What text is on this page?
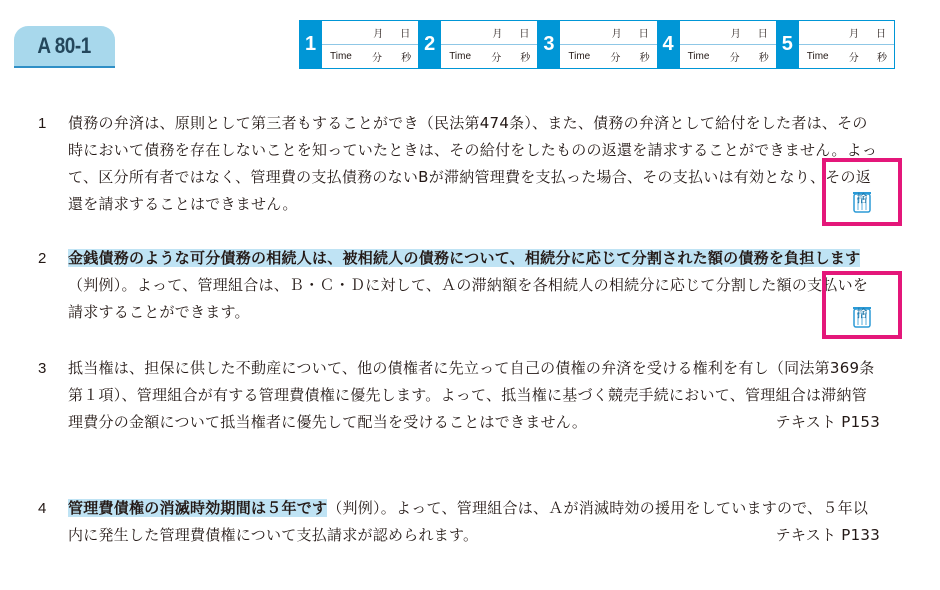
A 80-1	1	月 日
Time 分 秒
2	月 日
Time 分 秒
3	月 日
Time 分 秒
4	月 日
Time 分 秒
5	月 日
Time 分 秒
1 債務の弁済は、原則として第三者もすることができ（民法第474条）、また、債務の弁済として給付をした者は、その時において債務を存在しないことを知っていたときは、その給付をしたものの返還を請求することができません。よって、区分所有者ではなく、管理費の支払債務のないBが滞納管理費を支払った場合、その支払いは有効となり、その返還を請求することはできません。	捨
2 金銭債務のような可分債務の相続人は、被相続人の債務について、相続分に応じて分割された額の債務を負担します（判例）。よって、管理組合は、Ｂ・Ｃ・Ｄに対して、Ａの滞納額を各相続人の相続分に応じて分割した額の支払いを請求することができます。	捨
3 抵当権は、担保に供した不動産について、他の債権者に先立って自己の債権の弁済を受ける権利を有し（同法第369条第１項）、管理組合が有する管理費債権に優先します。よって、抵当権に基づく競売手続において、管理組合は滞納管理費分の金額について抵当権者に優先して配当を受けることはできません。	テキスト P153
4 管理費債権の消滅時効期間は５年です（判例）。よって、管理組合は、Ａが消滅時効の援用をしていますので、５年以内に発生した管理費債権について支払請求が認められます。	テキスト P133
